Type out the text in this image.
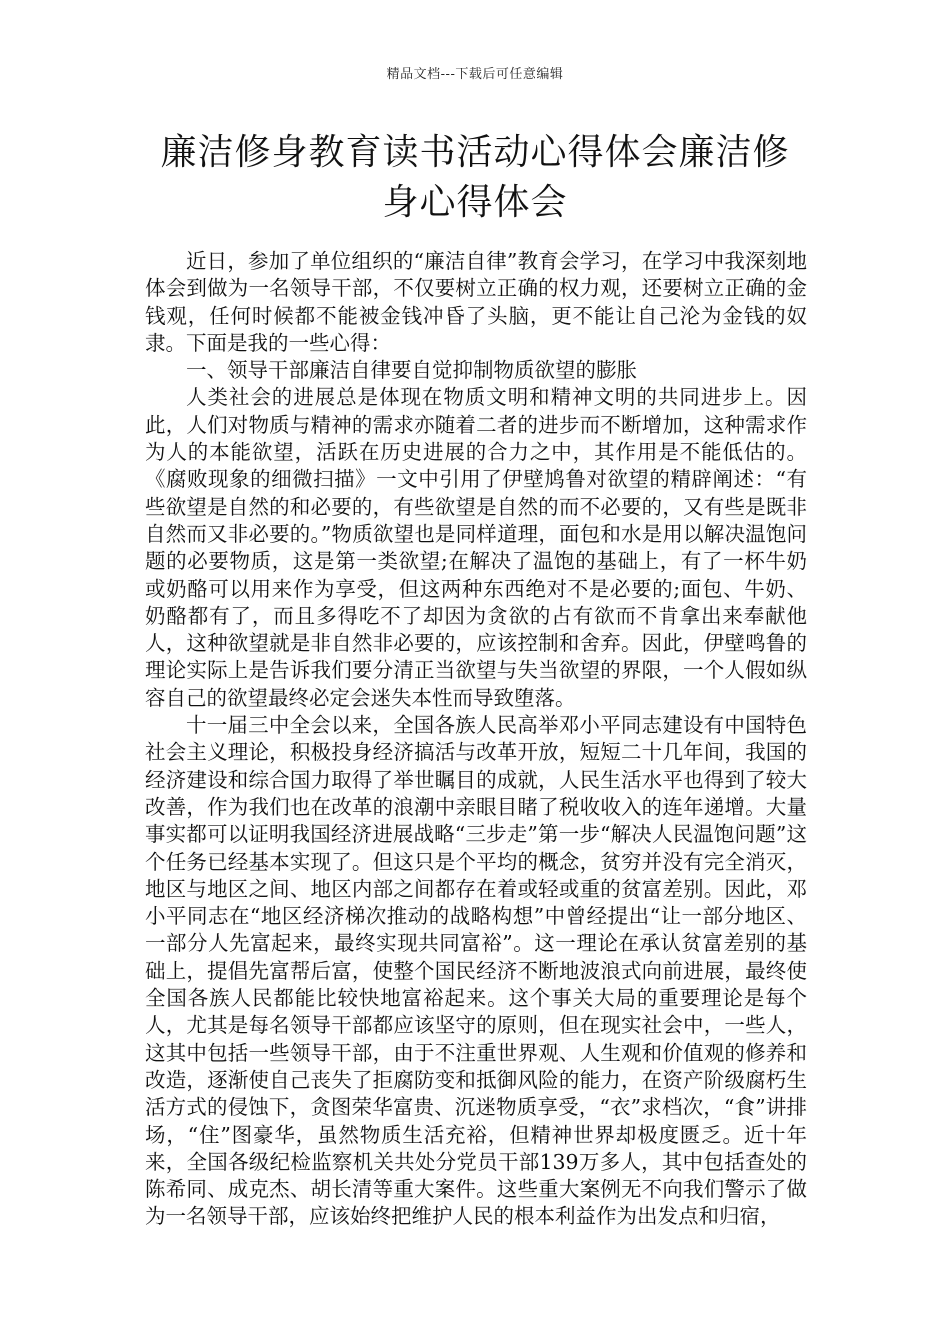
精品文档---下载后可任意编辑
廉洁修身教育读书活动心得体会廉洁修身心得体会

近日，参加了单位组织的“廉洁自律”教育会学习，在学习中我深刻地体会到做为一名领导干部，不仅要树立正确的权力观，还要树立正确的金钱观，任何时候都不能被金钱冲昏了头脑，更不能让自己沦为金钱的奴隶。下面是我的一些心得：

一、领导干部廉洁自律要自觉抑制物质欲望的膨胀

人类社会的进展总是体现在物质文明和精神文明的共同进步上。因此，人们对物质与精神的需求亦随着二者的进步而不断增加，这种需求作为人的本能欲望，活跃在历史进展的合力之中，其作用是不能低估的。《腐败现象的细微扫描》一文中引用了伊壁鸠鲁对欲望的精辟阐述：“有些欲望是自然的和必要的，有些欲望是自然的而不必要的，又有些是既非自然而又非必要的。”物质欲望也是同样道理，面包和水是用以解决温饱问题的必要物质，这是第一类欲望;在解决了温饱的基础上，有了一杯牛奶或奶酪可以用来作为享受，但这两种东西绝对不是必要的;面包、牛奶、奶酪都有了，而且多得吃不了却因为贪欲的占有欲而不肯拿出来奉献他人，这种欲望就是非自然非必要的，应该控制和舍弃。因此，伊壁鸣鲁的理论实际上是告诉我们要分清正当欲望与失当欲望的界限，一个人假如纵容自己的欲望最终必定会迷失本性而导致堕落。

十一届三中全会以来，全国各族人民高举邓小平同志建设有中国特色社会主义理论，积极投身经济搞活与改革开放，短短二十几年间，我国的经济建设和综合国力取得了举世瞩目的成就，人民生活水平也得到了较大改善，作为我们也在改革的浪潮中亲眼目睹了税收收入的连年递增。大量事实都可以证明我国经济进展战略“三步走”第一步“解决人民温饱问题”这个任务已经基本实现了。但这只是个平均的概念，贫穷并没有完全消灭，地区与地区之间、地区内部之间都存在着或轻或重的贫富差别。因此，邓小平同志在“地区经济梯次推动的战略构想”中曾经提出“让一部分地区、一部分人先富起来，最终实现共同富裕”。这一理论在承认贫富差别的基础上，提倡先富帮后富，使整个国民经济不断地波浪式向前进展，最终使全国各族人民都能比较快地富裕起来。这个事关大局的重要理论是每个人，尤其是每名领导干部都应该坚守的原则，但在现实社会中，一些人，这其中包括一些领导干部，由于不注重世界观、人生观和价值观的修养和改造，逐渐使自己丧失了拒腐防变和抵御风险的能力，在资产阶级腐朽生活方式的侵蚀下，贪图荣华富贵、沉迷物质享受，“衣”求档次，“食”讲排场，“住”图豪华，虽然物质生活充裕，但精神世界却极度匮乏。近十年来，全国各级纪检监察机关共处分党员干部139万多人，其中包括查处的陈希同、成克杰、胡长清等重大案件。这些重大案例无不向我们警示了做为一名领导干部，应该始终把维护人民的根本利益作为出发点和归宿，
